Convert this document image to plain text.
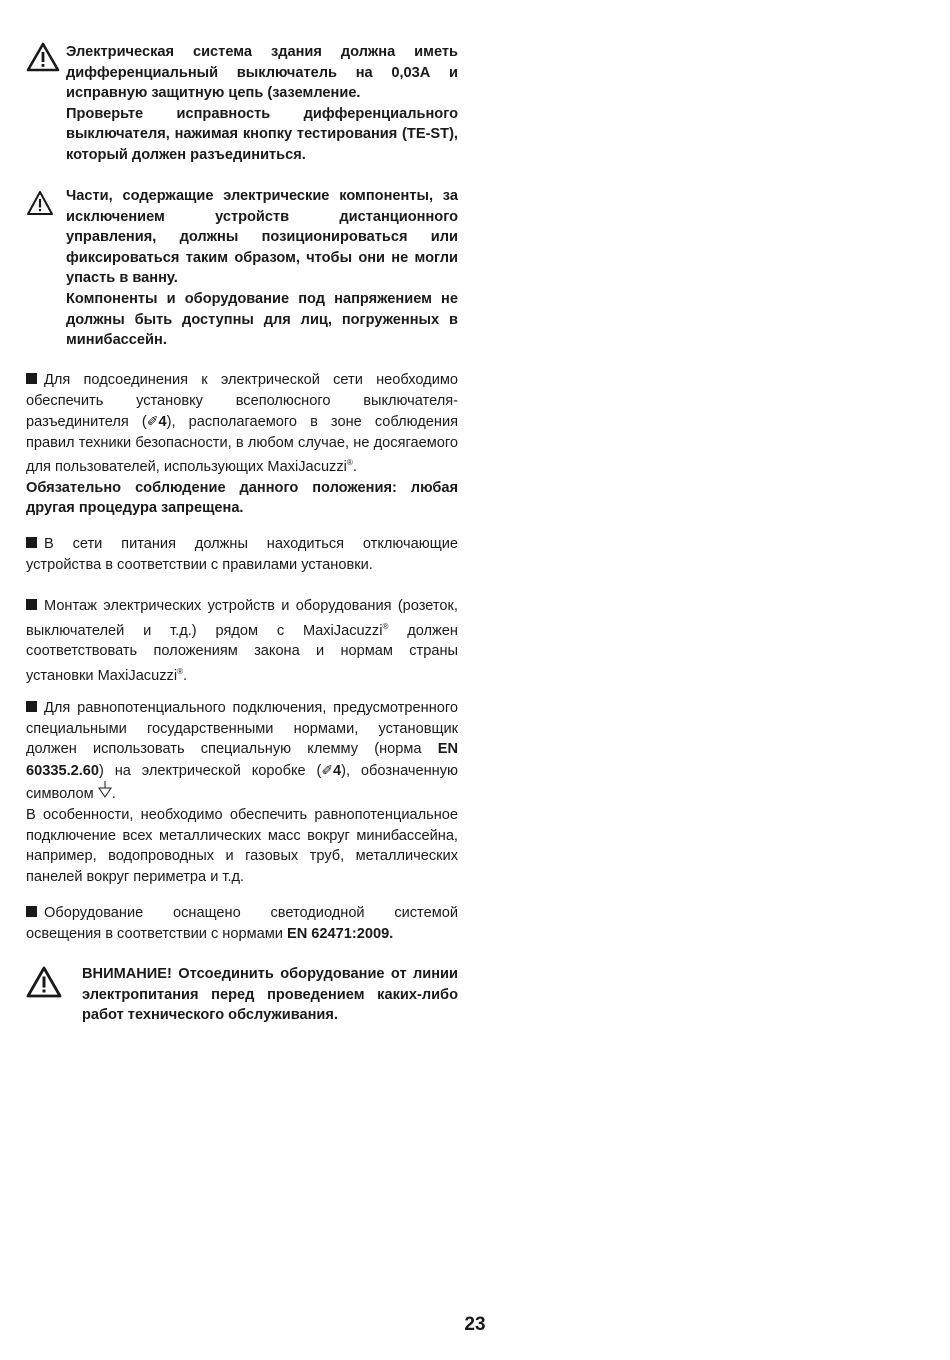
Электрическая система здания должна иметь дифференциальный выключатель на 0,03А и исправную защитную цепь (заземление.
Проверьте исправность дифференциального выключателя, нажимая кнопку тестирования (TE-ST), который должен разъединиться.
Части, содержащие электрические компоненты, за исключением устройств дистанционного управления, должны позиционироваться или фиксироваться таким образом, чтобы они не могли упасть в ванну.
Компоненты и оборудование под напряжением не должны быть доступны для лиц, погруженных в минибассейн.
Для подсоединения к электрической сети необходимо обеспечить установку всеполюсного выключателя-разъединителя (✐4), располагаемого в зоне соблюдения правил техники безопасности, в любом случае, не досягаемого для пользователей, использующих MaxiJacuzzi®.
Обязательно соблюдение данного положения: любая другая процедура запрещена.
В сети питания должны находиться отключающие устройства в соответствии с правилами установки.
Монтаж электрических устройств и оборудования (розеток, выключателей и т.д.) рядом с MaxiJacuzzi® должен соответствовать положениям закона и нормам страны установки MaxiJacuzzi®.
Для равнопотенциального подключения, предусмотренного специальными государственными нормами, установщик должен использовать специальную клемму (норма EN 60335.2.60) на электрической коробке (✐4), обозначенную символом .
В особенности, необходимо обеспечить равнопотенциальное подключение всех металлических масс вокруг минибассейна, например, водопроводных и газовых труб, металлических панелей вокруг периметра и т.д.
Оборудование оснащено светодиодной системой освещения в соответствии с нормами EN 62471:2009.
ВНИМАНИЕ! Отсоединить оборудование от линии электропитания перед проведением каких-либо работ технического обслуживания.
23
